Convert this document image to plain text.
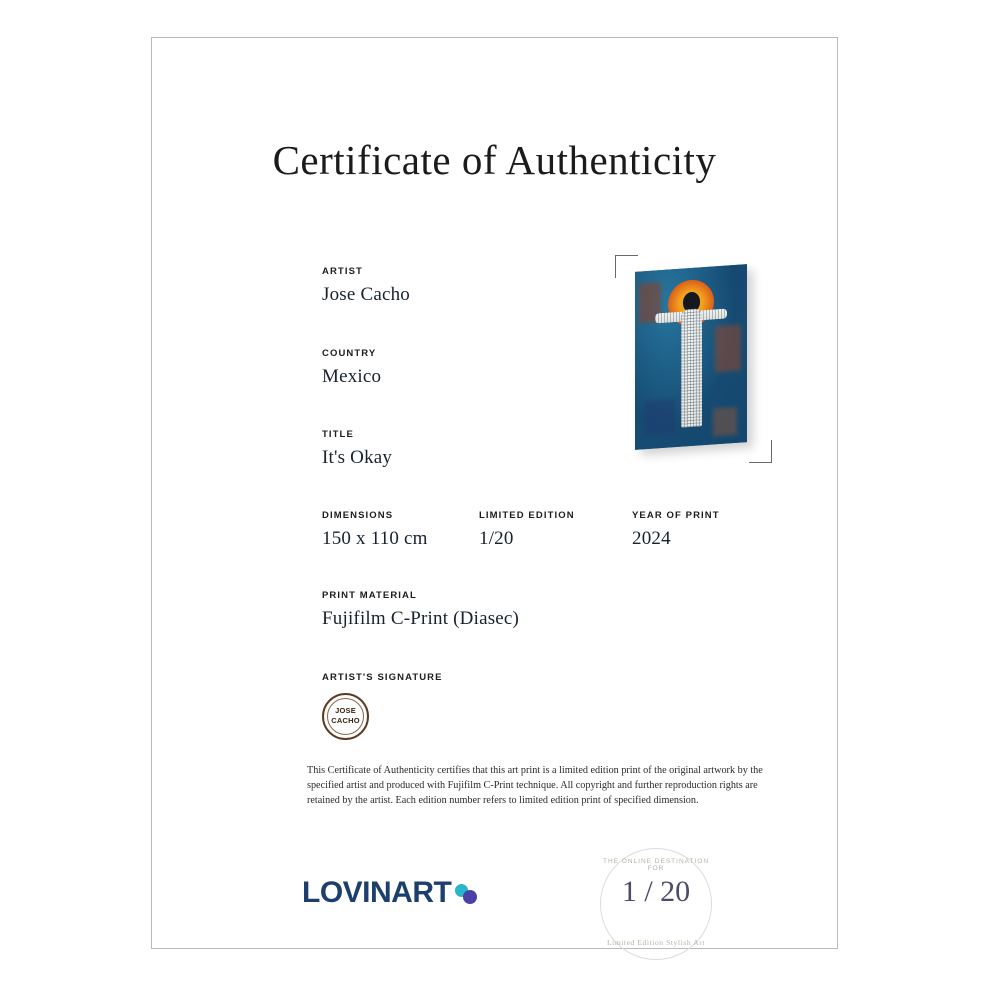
Certificate of Authenticity
ARTIST
Jose Cacho
COUNTRY
Mexico
TITLE
It's Okay
DIMENSIONS
150 x 110 cm
LIMITED EDITION
1/20
YEAR OF PRINT
2024
PRINT MATERIAL
Fujifilm C-Print (Diasec)
ARTIST'S SIGNATURE
JOSE
CACHO
This Certificate of Authenticity certifies that this art print is a limited edition print of the original artwork by the specified artist and produced with Fujifilm C-Print technique. All copyright and further reproduction rights are retained by the artist. Each edition number refers to limited edition print of specified dimension.
LOVINART
THE ONLINE DESTINATION FOR
1 / 20
Limited Edition Stylish Art
